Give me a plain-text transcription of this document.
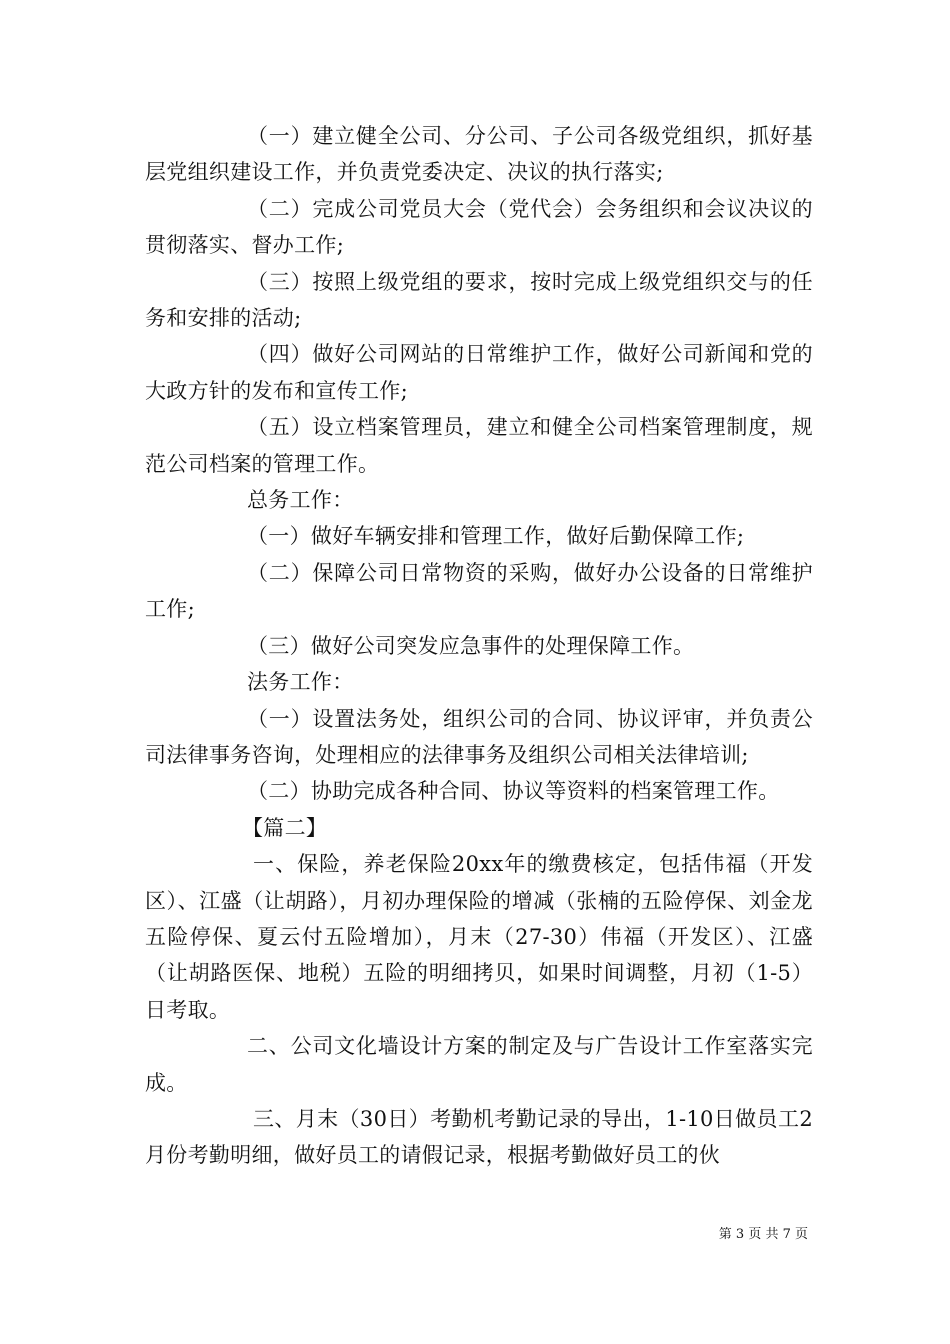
（一）建立健全公司、分公司、子公司各级党组织，抓好基层党组织建设工作，并负责党委决定、决议的执行落实;

（二）完成公司党员大会（党代会）会务组织和会议决议的贯彻落实、督办工作;

（三）按照上级党组的要求，按时完成上级党组织交与的任务和安排的活动;

（四）做好公司网站的日常维护工作，做好公司新闻和党的大政方针的发布和宣传工作;

（五）设立档案管理员，建立和健全公司档案管理制度，规范公司档案的管理工作。

总务工作：

（一）做好车辆安排和管理工作，做好后勤保障工作;

（二）保障公司日常物资的采购，做好办公设备的日常维护工作;

（三）做好公司突发应急事件的处理保障工作。

法务工作：

（一）设置法务处，组织公司的合同、协议评审，并负责公司法律事务咨询，处理相应的法律事务及组织公司相关法律培训;

（二）协助完成各种合同、协议等资料的档案管理工作。

【篇二】

一、保险，养老保险20xx年的缴费核定，包括伟福（开发区）、江盛（让胡路），月初办理保险的增减（张楠的五险停保、刘金龙五险停保、夏云付五险增加），月末（27-30）伟福（开发区）、江盛（让胡路医保、地税）五险的明细拷贝，如果时间调整，月初（1-5）日考取。

二、公司文化墙设计方案的制定及与广告设计工作室落实完成。

三、月末（30日）考勤机考勤记录的导出，1-10日做员工2月份考勤明细，做好员工的请假记录，根据考勤做好员工的伙

第 3 页 共 7 页
